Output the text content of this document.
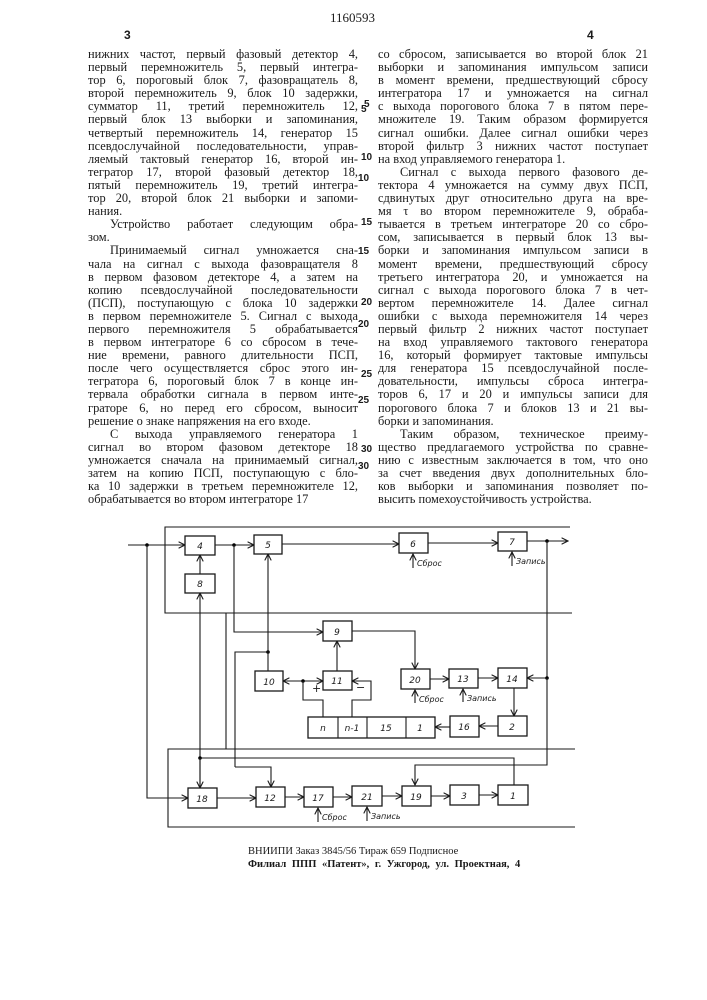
3
1160593
4
нижних частот, первый фазовый детектор 4,
первый перемножитель 5, первый интегра-
тор 6, пороговый блок 7, фазовращатель 8,
второй перемножитель 9, блок 10 задержки,
сумматор 11, третий перемножитель 12,
первый блок 13 выборки и запоминания,
четвертый перемножитель 14, генератор 15
псевдослучайной последовательности, управ-
ляемый тактовый генератор 16, второй ин-
тегратор 17, второй фазовый детектор 18,
пятый перемножитель 19, третий интегра-
тор 20, второй блок 21 выборки и запоми-
нания.
Устройство работает следующим обра-
зом.
Принимаемый сигнал умножается сна-
чала на сигнал с выхода фазовращателя 8
в первом фазовом детекторе 4, а затем на
копию псевдослучайной последовательности
(ПСП), поступающую с блока 10 задержки
в первом перемножителе 5. Сигнал с выхода
первого перемножителя 5 обрабатывается
в первом интеграторе 6 со сбросом в тече-
ние времени, равного длительности ПСП,
после чего осуществляется сброс этого ин-
тегратора 6, пороговый блок 7 в конце ин-
тервала обработки сигнала в первом инте-
граторе 6, но перед его сбросом, выносит
решение о знаке напряжения на его входе.
С выхода управляемого генератора 1
сигнал во втором фазовом детекторе 18
умножается сначала на принимаемый сигнал,
затем на копию ПСП, поступающую с бло-
ка 10 задержки в третьем перемножителе 12,
обрабатывается во втором интеграторе 17
со сбросом, записывается во второй блок 21
выборки и запоминания импульсом записи
в момент времени, предшествующий сбросу
интегратора 17 и умножается на сигнал
с выхода порогового блока 7 в пятом пере-
множителе 19. Таким образом формируется
сигнал ошибки. Далее сигнал ошибки через
второй фильтр 3 нижних частот поступает
на вход управляемого генератора 1.
Сигнал с выхода первого фазового де-
тектора 4 умножается на сумму двух ПСП,
сдвинутых друг относительно друга на вре-
мя τ во втором перемножителе 9, обраба-
тывается в третьем интеграторе 20 со сбро-
сом, записывается в первый блок 13 вы-
борки и запоминания импульсом записи в
момент времени, предшествующий сбросу
третьего интегратора 20, и умножается на
сигнал с выхода порогового блока 7 в чет-
вертом перемножителе 14. Далее сигнал
ошибки с выхода перемножителя 14 через
первый фильтр 2 нижних частот поступает
на вход управляемого тактового генератора
16, который формирует тактовые импульсы
для генератора 15 псевдослучайной после-
довательности, импульсы сброса интегра-
торов 6, 17 и 20 и импульсы записи для
порогового блока 7 и блоков 13 и 21 вы-
борки и запоминания.
Таким образом, техническое преиму-
щество предлагаемого устройства по сравне-
нию с известным заключается в том, что оно
за счет введения двух дополнительных бло-
ков выборки и запоминания позволяет по-
высить помехоустойчивость устройства.
5
10
15
20
25
30
5
10
15
20
25
30
4
8
5	6	7
9
10	11	20	13	14
n n-1 15	1	16	2
18	12	17	21	19	3	1
Сброс	Запись
Сброс	Запись
Сброс	Запись
+	−
ВНИИПИ Заказ 3845/56 Тираж 659 Подписное
Филиал ППП «Патент», г. Ужгород, ул. Проектная, 4
